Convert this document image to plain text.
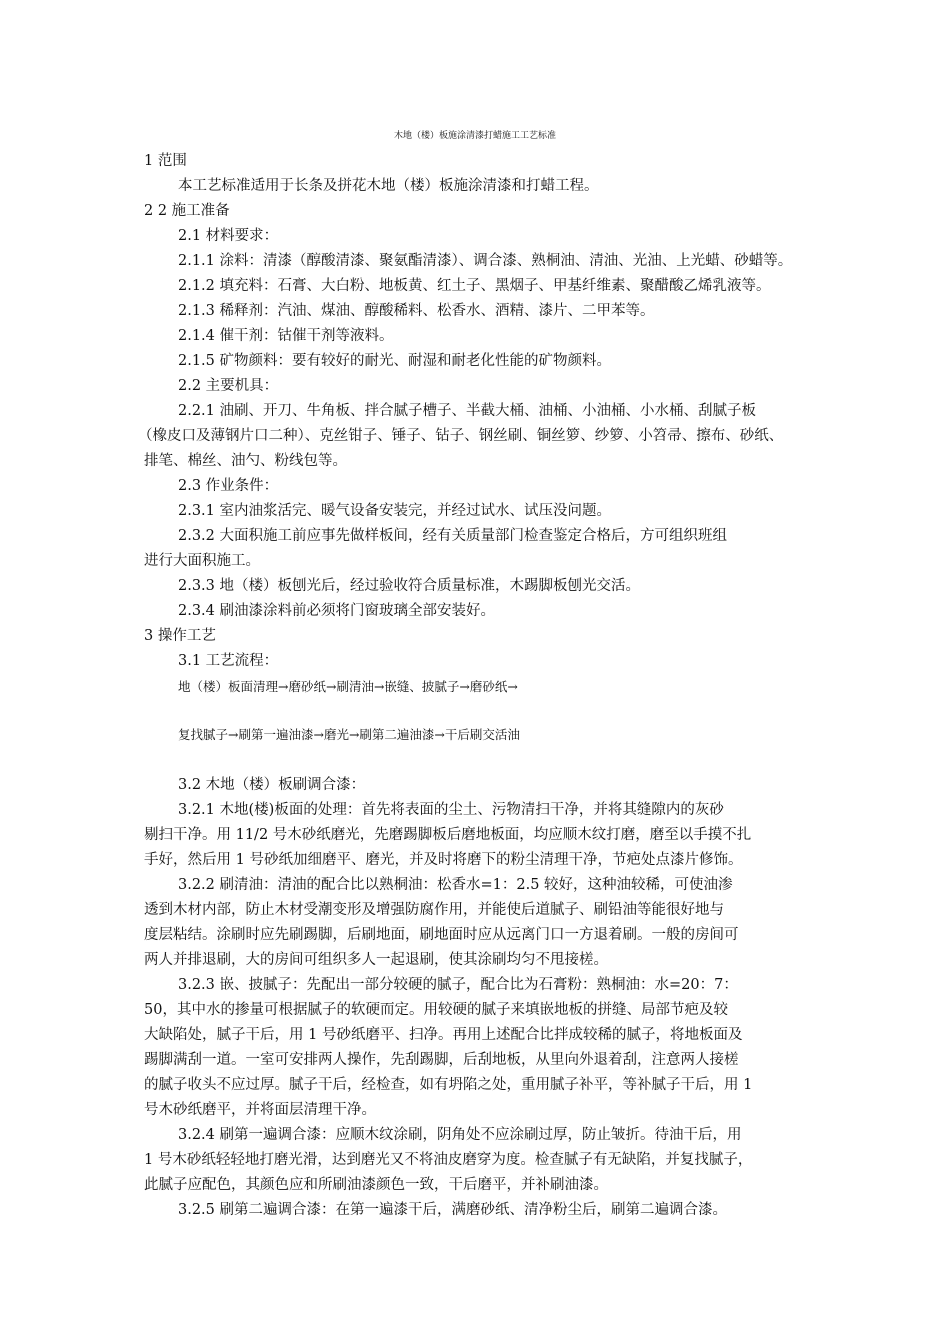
木地（楼）板施涂清漆打蜡施工工艺标准
1 范围
本工艺标准适用于长条及拼花木地（楼）板施涂清漆和打蜡工程。
2 2 施工准备
2.1 材料要求：
2.1.1 涂料：清漆（醇酸清漆、聚氨酯清漆）、调合漆、熟桐油、清油、光油、上光蜡、砂蜡等。
2.1.2 填充料：石膏、大白粉、地板黄、红土子、黑烟子、甲基纤维素、聚醋酸乙烯乳液等。
2.1.3 稀释剂：汽油、煤油、醇酸稀料、松香水、酒精、漆片、二甲苯等。
2.1.4 催干剂：钴催干剂等液料。
2.1.5 矿物颜料：要有较好的耐光、耐湿和耐老化性能的矿物颜料。
2.2 主要机具：
2.2.1 油刷、开刀、牛角板、拌合腻子槽子、半截大桶、油桶、小油桶、小水桶、刮腻子板
（橡皮口及薄钢片口二种）、克丝钳子、锤子、钻子、钢丝刷、铜丝箩、纱箩、小笤帚、擦布、砂纸、
排笔、棉丝、油勺、粉线包等。
2.3 作业条件：
2.3.1 室内油浆活完、暖气设备安装完，并经过试水、试压没问题。
2.3.2 大面积施工前应事先做样板间，经有关质量部门检查鉴定合格后，方可组织班组
进行大面积施工。
2.3.3 地（楼）板刨光后，经过验收符合质量标准，木踢脚板刨光交活。
2.3.4 刷油漆涂料前必须将门窗玻璃全部安装好。
3 操作工艺
3.1 工艺流程：
地（楼）板面清理→磨砂纸→刷清油→嵌缝、披腻子→磨砂纸→
复找腻子→刷第一遍油漆→磨光→刷第二遍油漆→干后刷交活油
3.2 木地（楼）板刷调合漆：
3.2.1 木地(楼)板面的处理：首先将表面的尘土、污物清扫干净，并将其缝隙内的灰砂
剔扫干净。用 11/2 号木砂纸磨光，先磨踢脚板后磨地板面，均应顺木纹打磨，磨至以手摸不扎
手好，然后用 1 号砂纸加细磨平、磨光，并及时将磨下的粉尘清理干净，节疤处点漆片修饰。
3.2.2 刷清油：清油的配合比以熟桐油：松香水=1：2.5 较好，这种油较稀，可使油渗
透到木材内部，防止木材受潮变形及增强防腐作用，并能使后道腻子、刷铅油等能很好地与
度层粘结。涂刷时应先刷踢脚，后刷地面，刷地面时应从远离门口一方退着刷。一般的房间可
两人并排退刷，大的房间可组织多人一起退刷，使其涂刷均匀不甩接槎。
3.2.3 嵌、披腻子：先配出一部分较硬的腻子，配合比为石膏粉：熟桐油：水=20：7：
50，其中水的掺量可根据腻子的软硬而定。用较硬的腻子来填嵌地板的拼缝、局部节疤及较
大缺陷处，腻子干后，用 1 号砂纸磨平、扫净。再用上述配合比拌成较稀的腻子，将地板面及
踢脚满刮一道。一室可安排两人操作，先刮踢脚，后刮地板，从里向外退着刮，注意两人接槎
的腻子收头不应过厚。腻子干后，经检查，如有坍陷之处，重用腻子补平，等补腻子干后，用 1
号木砂纸磨平，并将面层清理干净。
3.2.4 刷第一遍调合漆：应顺木纹涂刷，阴角处不应涂刷过厚，防止皱折。待油干后，用
1 号木砂纸轻轻地打磨光滑，达到磨光又不将油皮磨穿为度。检查腻子有无缺陷，并复找腻子，
此腻子应配色，其颜色应和所刷油漆颜色一致，干后磨平，并补刷油漆。
3.2.5 刷第二遍调合漆：在第一遍漆干后，满磨砂纸、清净粉尘后，刷第二遍调合漆。
